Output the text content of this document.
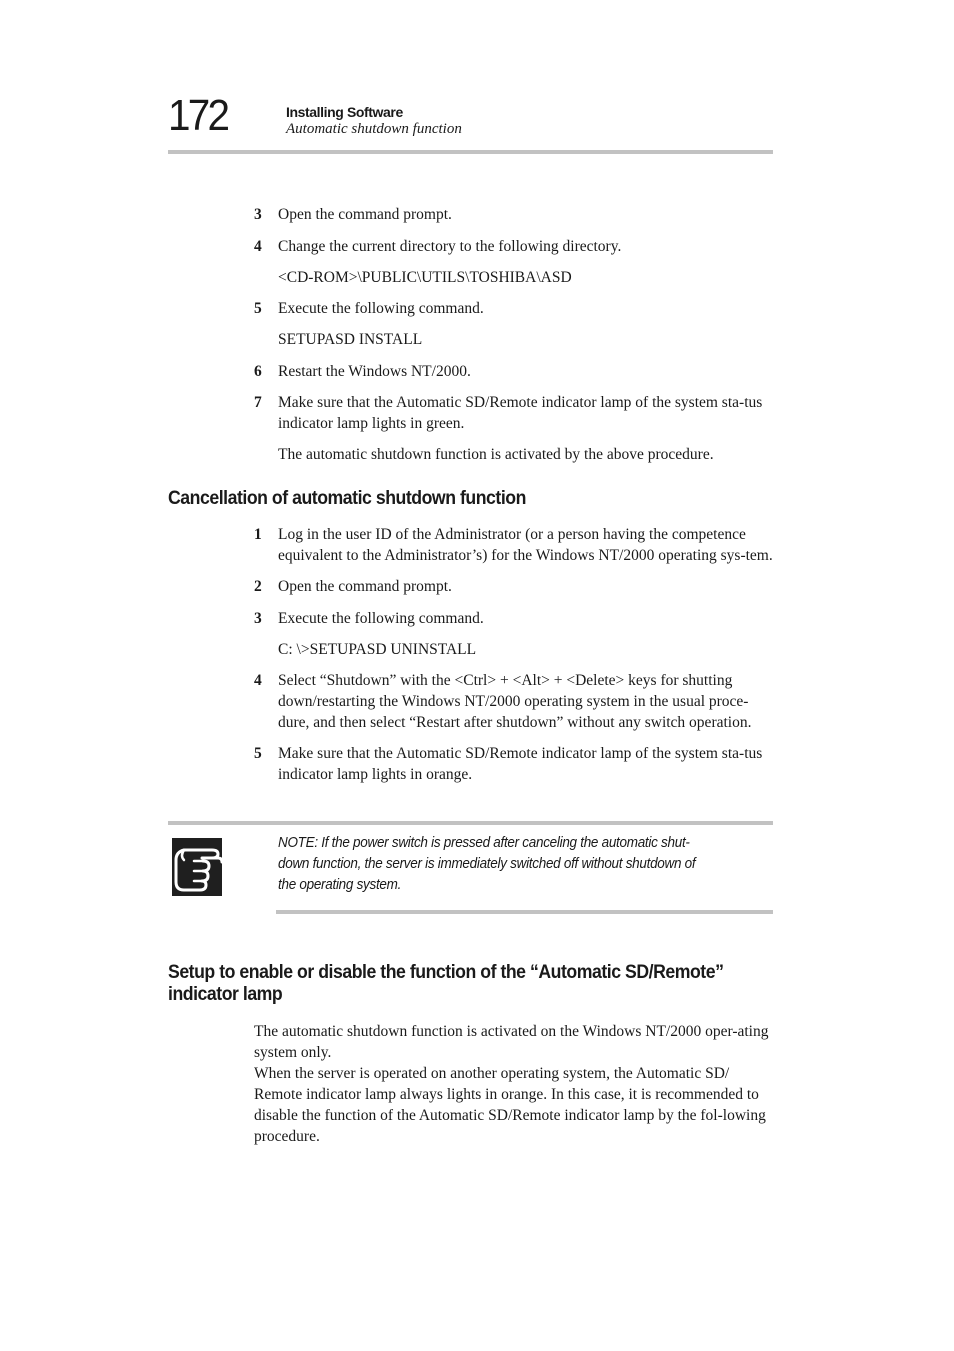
172	Installing Software
Automatic shutdown function
3 Open the command prompt.
4 Change the current directory to the following directory.
<CD-ROM>\PUBLIC\UTILS\TOSHIBA\ASD
5 Execute the following command.
SETUPASD INSTALL
6 Restart the Windows NT/2000.
7 Make sure that the Automatic SD/Remote indicator lamp of the system sta-tus indicator lamp lights in green.
The automatic shutdown function is activated by the above procedure.
Cancellation of automatic shutdown function
1 Log in the user ID of the Administrator (or a person having the competence equivalent to the Administrator’s) for the Windows NT/2000 operating sys-tem.
2 Open the command prompt.
3 Execute the following command.
C: \>SETUPASD UNINSTALL
4 Select “Shutdown” with the <Ctrl> + <Alt> + <Delete> keys for shutting down/restarting the Windows NT/2000 operating system in the usual proce-dure, and then select “Restart after shutdown” without any switch operation.
5 Make sure that the Automatic SD/Remote indicator lamp of the system sta-tus indicator lamp lights in orange.
NOTE: If the power switch is pressed after canceling the automatic shut-
down function, the server is immediately switched off without shutdown of
the operating system.
Setup to enable or disable the function of the “Automatic SD/Remote”
indicator lamp
The automatic shutdown function is activated on the Windows NT/2000 oper-ating system only.
When the server is operated on another operating system, the Automatic SD/ Remote indicator lamp always lights in orange. In this case, it is recommended to disable the function of the Automatic SD/Remote indicator lamp by the fol-lowing procedure.
